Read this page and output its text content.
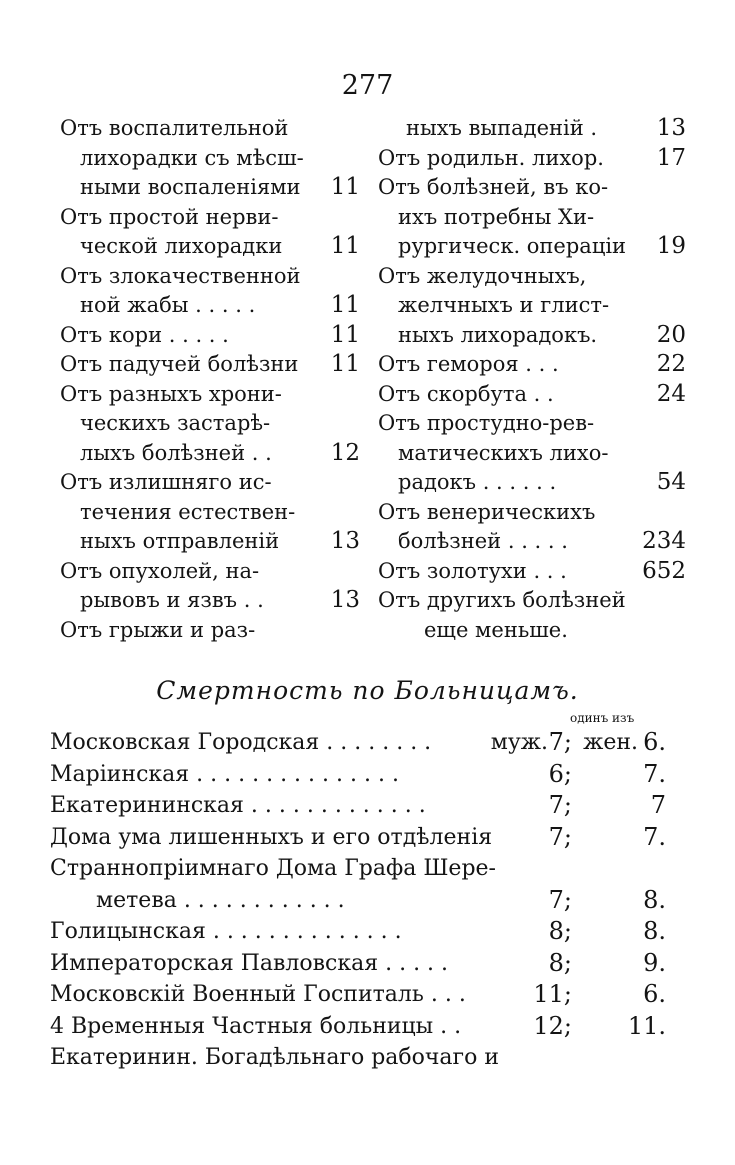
277
Отъ воспалительной
лихорадки съ мѣсш-
ными воспаленіями 11
Отъ простой нерви-
ческой лихорадки 11
Отъ злокачественной
ной жабы . . . . .	11
Отъ кори . . . . .	11
Отъ падучей болѣзни 11
Отъ разныхъ хрони-
ческихъ застарѣ-
лыхъ болѣзней . .	12
Отъ излишняго ис-
течения естествен-
ныхъ отправленій 13
Отъ опухолей, на-
рывовъ и язвъ . .	13
Отъ грыжи и раз-
ныхъ выпаденій .	13
Отъ родильн. лихор. 17
Отъ болѣзней, въ ко-
ихъ потребны Хи-
рургическ. операціи 19
Отъ желудочныхъ,
желчныхъ и глист-
ныхъ лихорадокъ.	20
Отъ гемороя . . .	22
Отъ скорбута . .	24
Отъ простудно-рев-
матическихъ лихо-
радокъ . . . . . .	54
Отъ венерическихъ
болѣзней . . . . .	234
Отъ золотухи . . .	652
Отъ другихъ болѣзней
еще меньше.
Смертность по Больницамъ.
одинъ изъ
Московская Городская . . . . . . . .	муж. 7; жен. 6.
Маріинская . . . . . . . . . . . . . . .	6;	7.
Екатерининская . . . . . . . . . . . . .	7;	7
Дома ума лишенныхъ и его отдѣленія 7;	7.
Страннопріимнаго Дома Графа Шере-
метева . . . . . . . . . . . .	7;	8.
Голицынская . . . . . . . . . . . . . .	8;	8.
Императорская Павловская . . . . .	8;	9.
Московскій Военный Госпиталь . . .	11;	6.
4 Временныя Частныя больницы . .	12; 11.
Екатеринин. Богадѣльнаго рабочаго и
